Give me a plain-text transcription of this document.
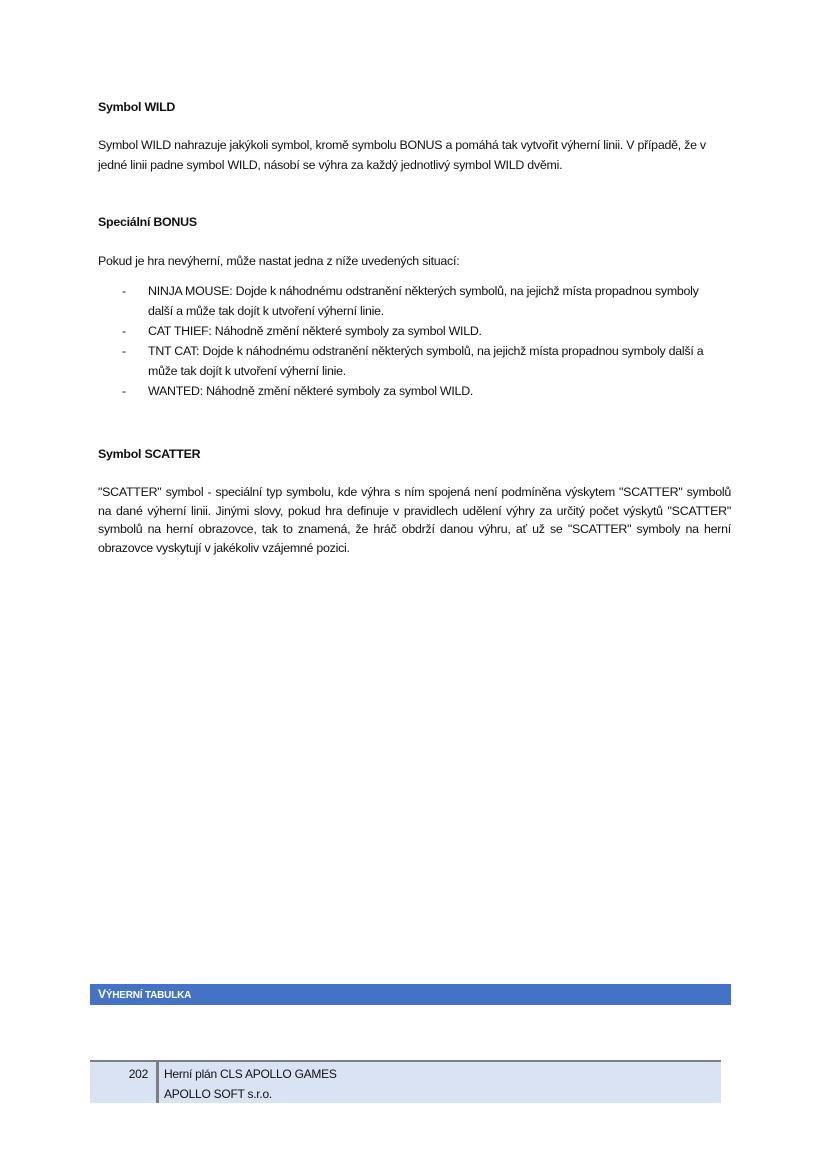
Symbol WILD

Symbol WILD nahrazuje jakýkoli symbol, kromě symbolu BONUS a pomáhá tak vytvořit výherní linii. V případě, že v jedné linii padne symbol WILD, násobí se výhra za každý jednotlivý symbol WILD dvěmi.

Speciální BONUS

Pokud je hra nevýherní, může nastat jedna z níže uvedených situací:

- NINJA MOUSE: Dojde k náhodnému odstranění některých symbolů, na jejichž místa propadnou symboly další a může tak dojít k utvoření výherní linie.
- CAT THIEF: Náhodně změní některé symboly za symbol WILD.
- TNT CAT: Dojde k náhodnému odstranění některých symbolů, na jejichž místa propadnou symboly další a může tak dojít k utvoření výherní linie.
- WANTED: Náhodně změní některé symboly za symbol WILD.
Symbol SCATTER

"SCATTER" symbol - speciální typ symbolu, kde výhra s ním spojená není podmíněna výskytem "SCATTER" symbolů na dané výherní linii. Jinými slovy, pokud hra definuje v pravidlech udělení výhry za určitý počet výskytů "SCATTER" symbolů na herní obrazovce, tak to znamená, že hráč obdrží danou výhru, ať už se "SCATTER" symboly na herní obrazovce vyskytují v jakékoliv vzájemné pozici.

VÝHERNÍ TABULKA
202 Herní plán CLS APOLLO GAMES
APOLLO SOFT s.r.o.
